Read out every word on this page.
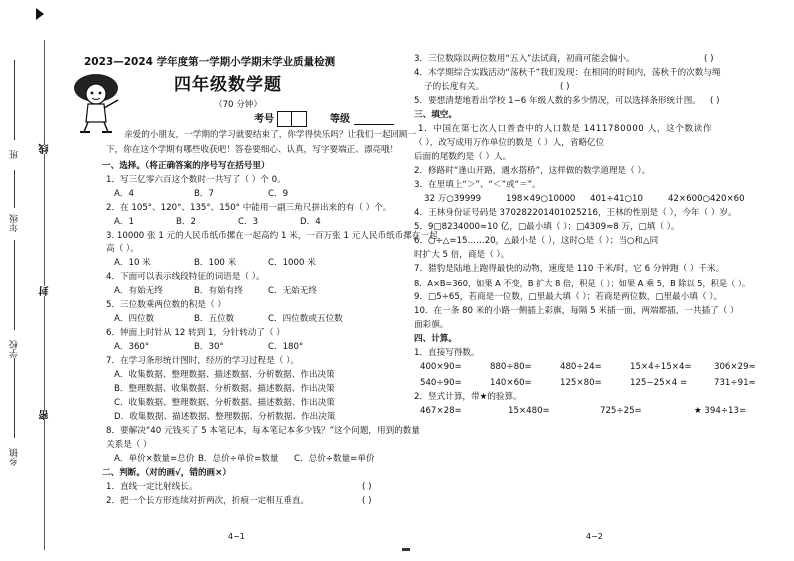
乡镇
学校
年级
班
密
封
线
2023—2024 学年度第一学期小学期末学业质量检测
四年级数学题
（70 分钟）
考号	等级
亲爱的小朋友，一学期的学习就要结束了，你学得快乐吗？让我们一起回顾一
下，你在这个学期有哪些收获吧！答卷要细心、认真，写字要端正、漂亮哦！
一、选择。（将正确答案的序号写在括号里）
1．写三亿零六百这个数时一共写了（ ）个 0。
A．4	B．7	C．9
2．在 105°、120°、135°、150° 中能用一副三角尺拼出来的有（ ）个。
A．1	B．2	C．3	D．4
3. 10000 张 1 元的人民币纸币摞在一起高约 1 米，一百万张 1 元人民币纸币摞在一起
高（ ）。
A．10 米	B．100 米	C．1000 米
4．下面可以表示线段特征的词语是（ ）。
A．有始无终	B．有始有终	C．无始无终
5．三位数乘两位数的积是（ ）
A．四位数	B．五位数	C．四位数或五位数
6．钟面上时针从 12 转到 1，分针转动了（ ）
A．360°	B．30°	C．180°
7．在学习条形统计图时，经历的学习过程是（ ）。
A．收集数据、整理数据、描述数据、分析数据、作出决策
B．整理数据、收集数据、分析数据、描述数据、作出决策
C．收集数据、整理数据、分析数据、描述数据、作出决策
D．收集数据、描述数据、整理数据、分析数据、作出决策
8．要解决“40 元钱买了 5 本笔记本，每本笔记本多少钱？”这个问题，用到的数量
关系是（ ）
A．单价×数量=总价 B．总价÷单价=数量 C．总价÷数量=单价
二、判断。（对的画√，错的画×）
1．直线一定比射线长。	( )
2．把一个长方形连续对折两次，折痕一定相互垂直。	( )
4−1
3．三位数除以两位数用“五入”法试商，初商可能会偏小。	( )
4．木学期综合实践活动“荡秋千”我们发现：在相同的时间内，荡秋千的次数与绳
子的长度有关。	( )
5．要想清楚地看出学校 1−6 年级人数的多少情况，可以选择条形统计图。 ( )
三、填空。
1．中国在第七次人口普查中的人口数是 1411780000 人，这个数读作
（ ），改写成用万作单位的数是（ ）人，省略亿位
后面的尾数约是（ ）人。
2．修路时“逢山开路，遇水搭桥”，这样做的数学道理是（ ）。
3．在里填上“＞”、“＜”或“＝”。
32 万○39999	198×49○10000 401÷41○10	42×600○420×60
4．王林身份证号码是 370282201401025216，王林的性别是（ ），今年（ ）岁。
5．9□8234000≈10 亿，□最小填（ ）；□4309≈8 万，□填（ ）。
6．○÷△=15……20，△最小是（ ），这时○是（ ）；当○和△同
时扩大 5 倍，商是（ ）。
7．猎豹是陆地上跑得最快的动物，速度是 110 千米/时，它 6 分钟跑（ ）千米。
8．A×B=360，如果 A 不变，B 扩大 8 倍，积是（ ）；如果 A 乘 5，B 除以 5，积是（ ）。
9．□5÷65，若商是一位数，□里最大填（ ）；若商是两位数，□里最小填（ ）。
10．在一条 80 米的小路一侧插上彩旗，每隔 5 米插一面，两端都插，一共插了（ ）
面彩旗。
四、计算。
1．直接写得数。
400×90=	880÷80=	480÷24=	15×4÷15×4=	306×29≈
540÷90=	140×60=	125×80=	125−25×4 =	731÷91≈
2．竖式计算，带★的验算。
467×28=	15×480=	725÷25=	★ 394÷13=
4−2
